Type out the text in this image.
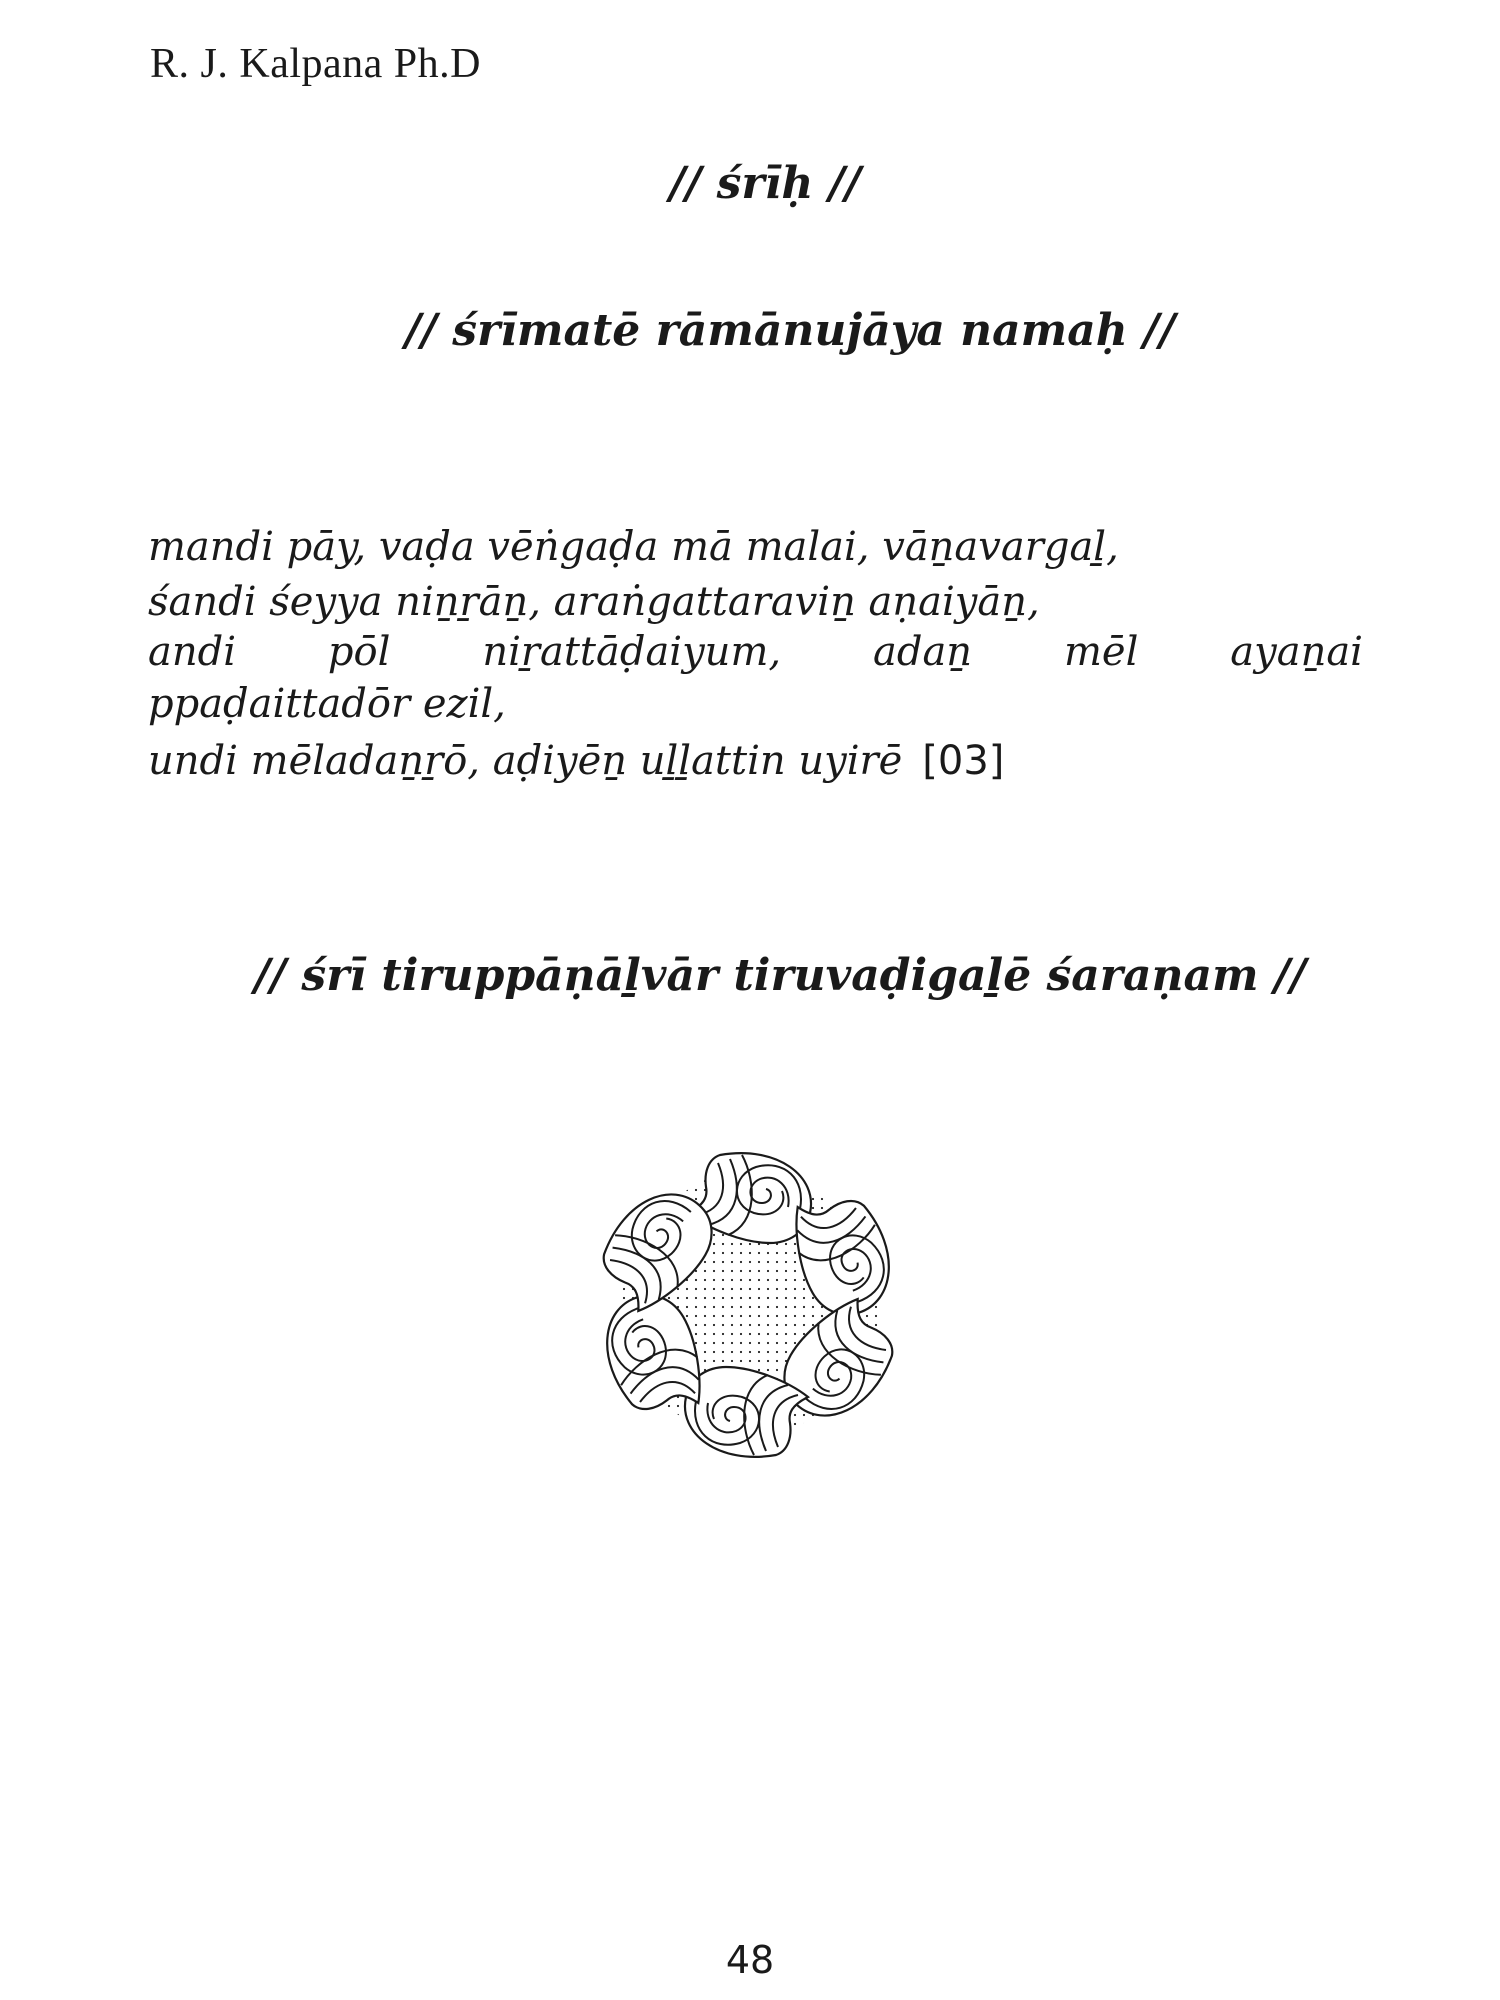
R. J. Kalpana Ph.D
// śrīḥ //
// śrīmatē rāmānujāya namaḥ //
mandi pāy, vaḍa vēṅgaḍa mā malai, vāṉavargaḻ,
śandi śeyya niṉṟāṉ, araṅgattaraviṉ aṇaiyāṉ,
andi pōl niṟattāḍaiyum, adaṉ mēl ayaṉai
ppaḍaittadōr ezil,
undi mēladaṉṟō, aḍiyēṉ uḻḻattin uyirē [03]
// śrī tiruppāṇāḻvār tiruvaḍigaḻē śaraṇam //
48
